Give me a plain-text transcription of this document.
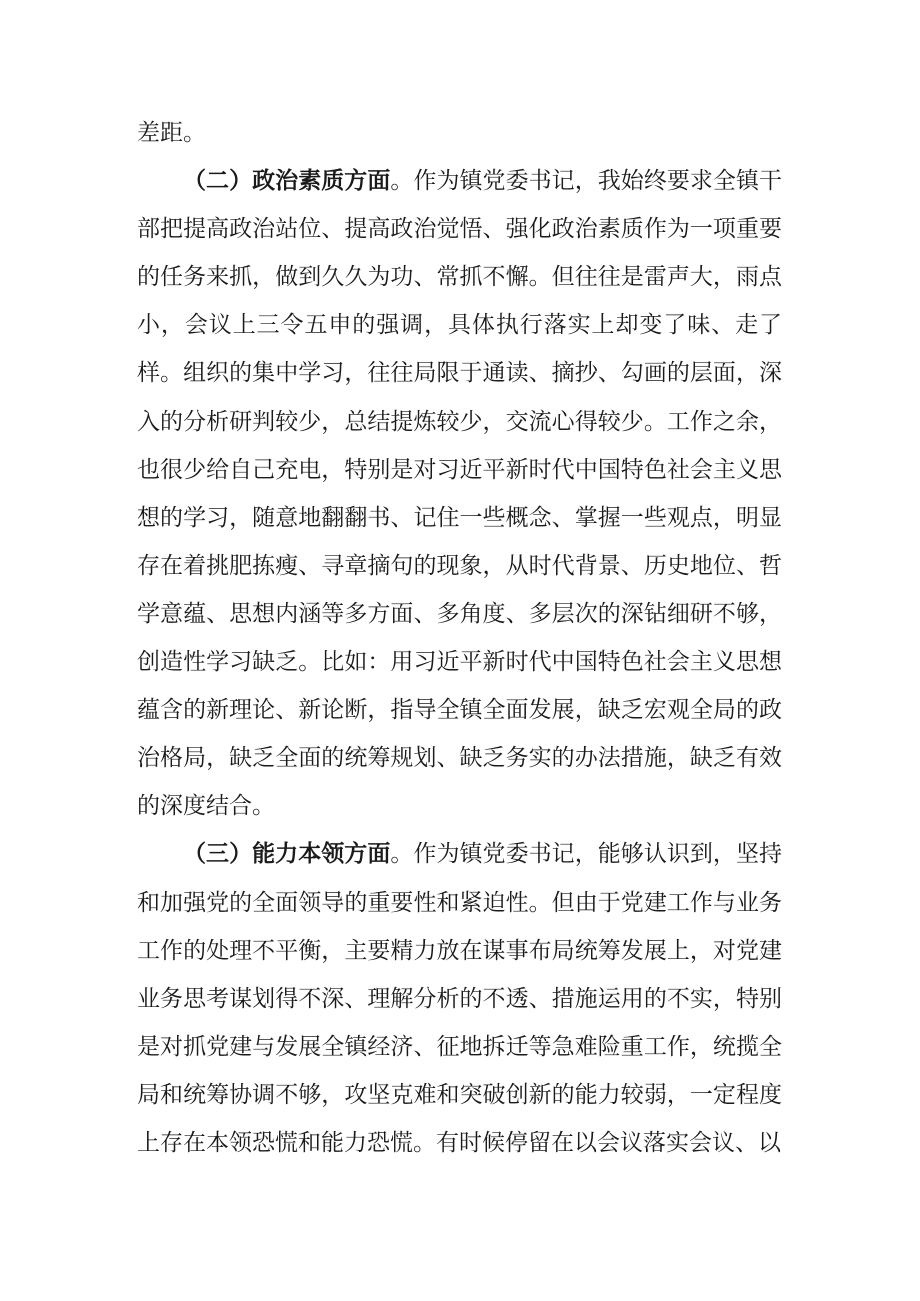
差距。

（二）政治素质方面。作为镇党委书记，我始终要求全镇干部把提高政治站位、提高政治觉悟、强化政治素质作为一项重要的任务来抓，做到久久为功、常抓不懈。但往往是雷声大，雨点小，会议上三令五申的强调，具体执行落实上却变了味、走了样。组织的集中学习，往往局限于通读、摘抄、勾画的层面，深入的分析研判较少，总结提炼较少，交流心得较少。工作之余，也很少给自己充电，特别是对习近平新时代中国特色社会主义思想的学习，随意地翻翻书、记住一些概念、掌握一些观点，明显存在着挑肥拣瘦、寻章摘句的现象，从时代背景、历史地位、哲学意蕴、思想内涵等多方面、多角度、多层次的深钻细研不够，创造性学习缺乏。比如：用习近平新时代中国特色社会主义思想蕴含的新理论、新论断，指导全镇全面发展，缺乏宏观全局的政治格局，缺乏全面的统筹规划、缺乏务实的办法措施，缺乏有效的深度结合。

（三）能力本领方面。作为镇党委书记，能够认识到，坚持和加强党的全面领导的重要性和紧迫性。但由于党建工作与业务工作的处理不平衡，主要精力放在谋事布局统筹发展上，对党建业务思考谋划得不深、理解分析的不透、措施运用的不实，特别是对抓党建与发展全镇经济、征地拆迁等急难险重工作，统揽全局和统筹协调不够，攻坚克难和突破创新的能力较弱，一定程度上存在本领恐慌和能力恐慌。有时候停留在以会议落实会议、以
